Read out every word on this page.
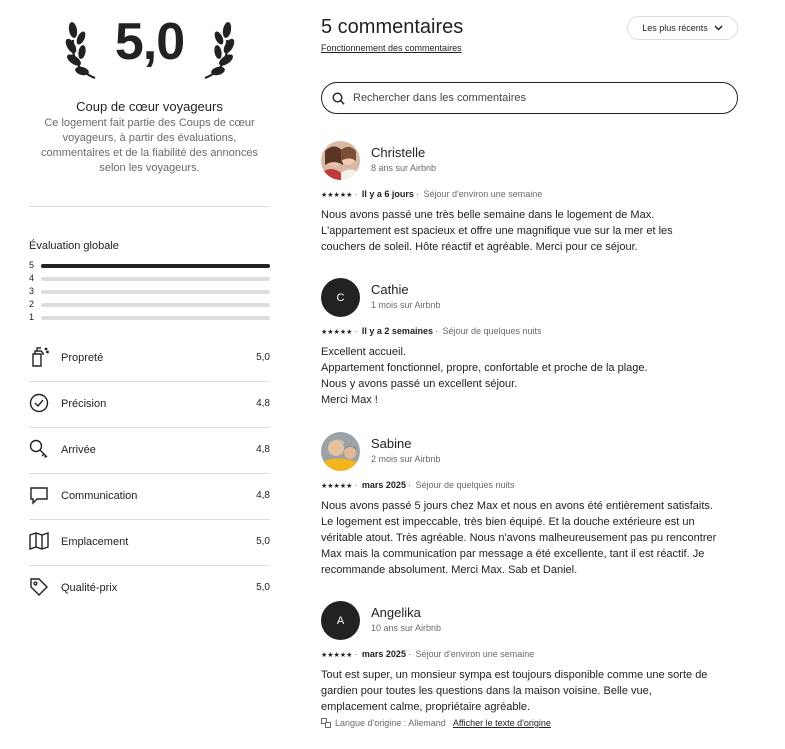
5,0
Coup de cœur voyageurs
Ce logement fait partie des Coups de cœur
voyageurs, à partir des évaluations,
commentaires et de la fiabilité des annonces
selon les voyageurs.
Évaluation globale
5
4
3
2
1
Propreté	5,0
Précision	4,8
Arrivée	4,8
Communication	4,8
Emplacement	5,0
Qualité-prix	5,0
5 commentaires
Fonctionnement des commentaires
Les plus récents
Rechercher dans les commentaires
Christelle
8 ans sur Airbnb
★★★★★ · Il y a 6 jours · Séjour d'environ une semaine
Nous avons passé une très belle semaine dans le logement de Max.
L'appartement est spacieux et offre une magnifique vue sur la mer et les
couchers de soleil. Hôte réactif et agréable. Merci pour ce séjour.
C
Cathie
1 mois sur Airbnb
★★★★★ · Il y a 2 semaines · Séjour de quelques nuits
Excellent accueil.
Appartement fonctionnel, propre, confortable et proche de la plage.
Nous y avons passé un excellent séjour.
Merci Max !
Sabine
2 mois sur Airbnb
★★★★★ · mars 2025 · Séjour de quelques nuits
Nous avons passé 5 jours chez Max et nous en avons été entièrement satisfaits.
Le logement est impeccable, très bien équipé. Et la douche extérieure est un
véritable atout. Très agréable. Nous n'avons malheureusement pas pu rencontrer
Max mais la communication par message a été excellente, tant il est réactif. Je
recommande absolument. Merci Max. Sab et Daniel.
A
Angelika
10 ans sur Airbnb
★★★★★ · mars 2025 · Séjour d'environ une semaine
Tout est super, un monsieur sympa est toujours disponible comme une sorte de
gardien pour toutes les questions dans la maison voisine. Belle vue,
emplacement calme, propriétaire agréable.
Langue d'origine : Allemand Afficher le texte d'origine
